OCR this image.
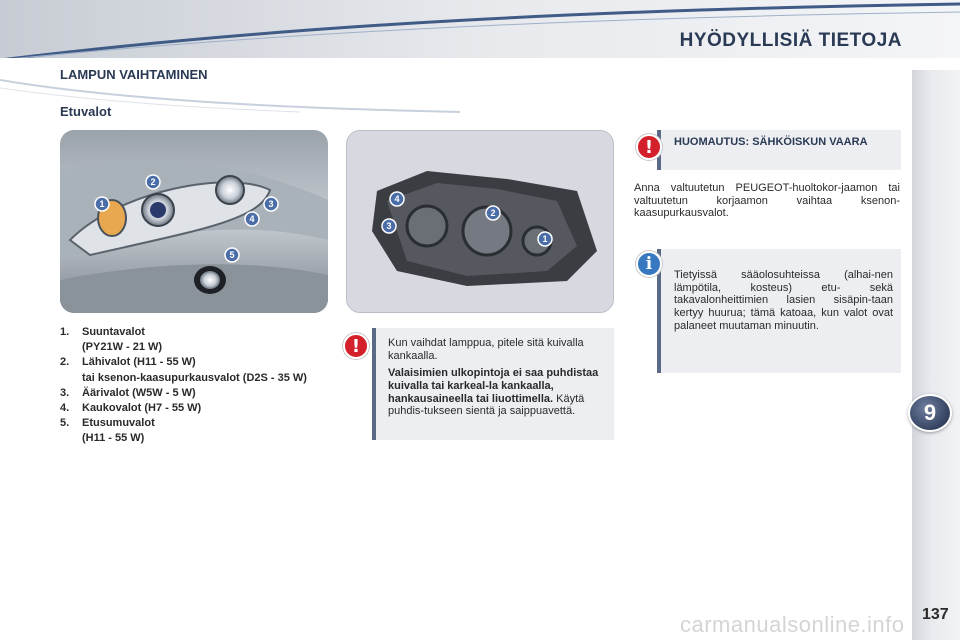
HYÖDYLLISIÄ TIETOJA
LAMPUN VAIHTAMINEN
Etuvalot
1
2
3
4
5
4
3
2
1
1.	Suuntavalot
(PY21W - 21 W)
2.	Lähivalot (H11 - 55 W)
tai ksenon-kaasupurkausvalot (D2S - 35 W)
3.	Äärivalot (W5W - 5 W)
4.	Kaukovalot (H7 - 55 W)
5.	Etusumuvalot
(H11 - 55 W)
!	Kun vaihdat lamppua, pitele sitä kuivalla kankaalla.

Valaisimien ulkopintoja ei saa puhdistaa kuivalla tai karkeal-la kankaalla, hankausaineella tai liuottimella. Käytä puhdis-tukseen sientä ja saippuavettä.

HUOMAUTUS: SÄHKÖISKUN VAARA
!
Anna valtuutetun PEUGEOT-huoltokor-jaamon tai valtuutetun korjaamon vaihtaa ksenon-kaasupurkausvalot.
Tietyissä sääolosuhteissa (alhai-nen lämpötila, kosteus) etu- sekä takavalonheittimien lasien sisäpin-taan kertyy huurua; tämä katoaa, kun valot ovat palaneet muutaman minuutin.
i
9
carmanualsonline.info 137
